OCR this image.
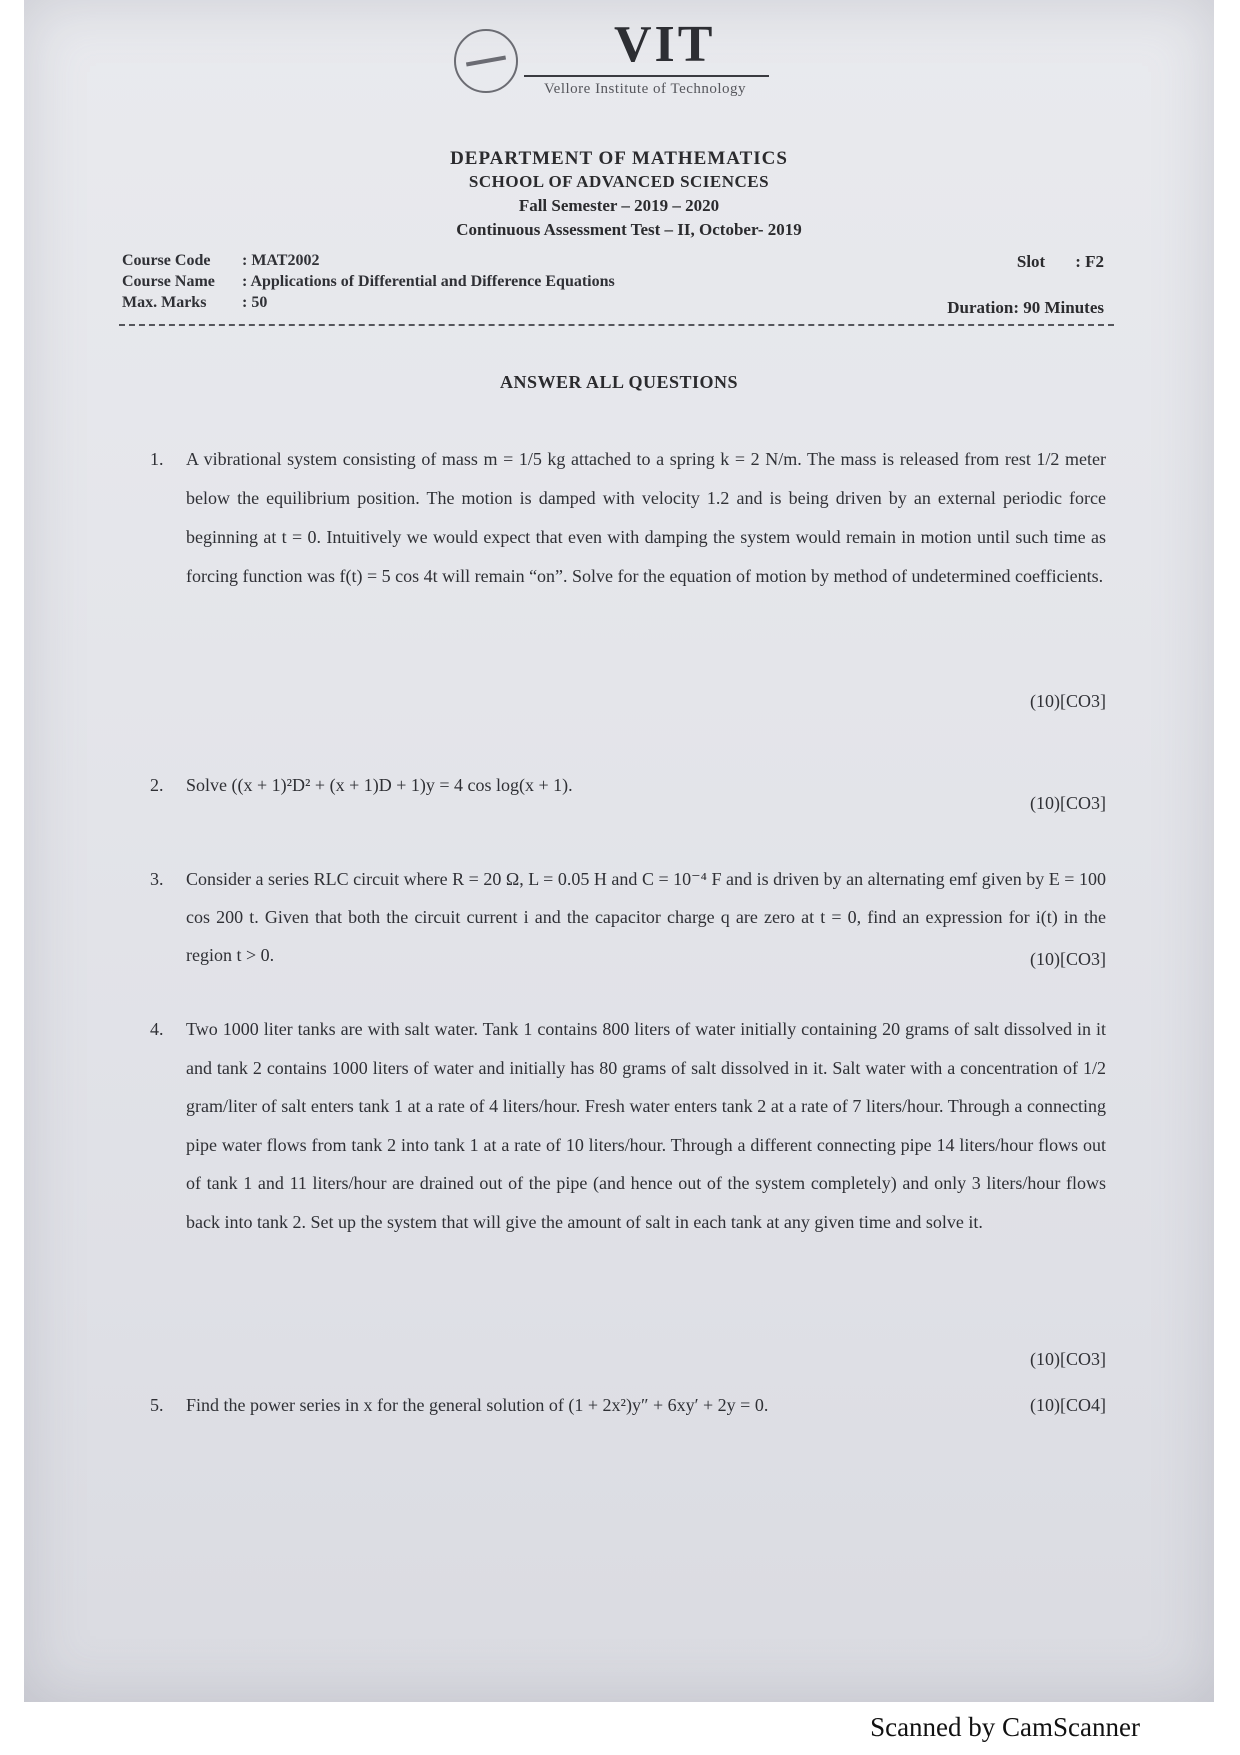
VIT
Vellore Institute of Technology
DEPARTMENT OF MATHEMATICS
SCHOOL OF ADVANCED SCIENCES
Fall Semester – 2019 – 2020
Continuous Assessment Test – II, October- 2019
Course Code : MAT2002
Course Name : Applications of Differential and Difference Equations
Max. Marks : 50
Slot : F2
Duration: 90 Minutes
ANSWER ALL QUESTIONS
1. A vibrational system consisting of mass m = 1/5 kg attached to a spring k = 2 N/m. The mass is released from rest 1/2 meter below the equilibrium position. The motion is damped with velocity 1.2 and is being driven by an external periodic force beginning at t = 0. Intuitively we would expect that even with damping the system would remain in motion until such time as forcing function was f(t) = 5 cos 4t will remain “on”. Solve for the equation of motion by method of undetermined coefficients.
(10)[CO3]
2. Solve ((x + 1)²D² + (x + 1)D + 1)y = 4 cos log(x + 1).
(10)[CO3]
3. Consider a series RLC circuit where R = 20 Ω, L = 0.05 H and C = 10⁻⁴ F and is driven by an alternating emf given by E = 100 cos 200 t. Given that both the circuit current i and the capacitor charge q are zero at t = 0, find an expression for i(t) in the region t > 0.	(10)[CO3]
4. Two 1000 liter tanks are with salt water. Tank 1 contains 800 liters of water initially containing 20 grams of salt dissolved in it and tank 2 contains 1000 liters of water and initially has 80 grams of salt dissolved in it. Salt water with a concentration of 1/2 gram/liter of salt enters tank 1 at a rate of 4 liters/hour. Fresh water enters tank 2 at a rate of 7 liters/hour. Through a connecting pipe water flows from tank 2 into tank 1 at a rate of 10 liters/hour. Through a different connecting pipe 14 liters/hour flows out of tank 1 and 11 liters/hour are drained out of the pipe (and hence out of the system completely) and only 3 liters/hour flows back into tank 2. Set up the system that will give the amount of salt in each tank at any given time and solve it.
(10)[CO3]
5. Find the power series in x for the general solution of (1 + 2x²)y″ + 6xy′ + 2y = 0.	(10)[CO4]
Scanned by CamScanner
